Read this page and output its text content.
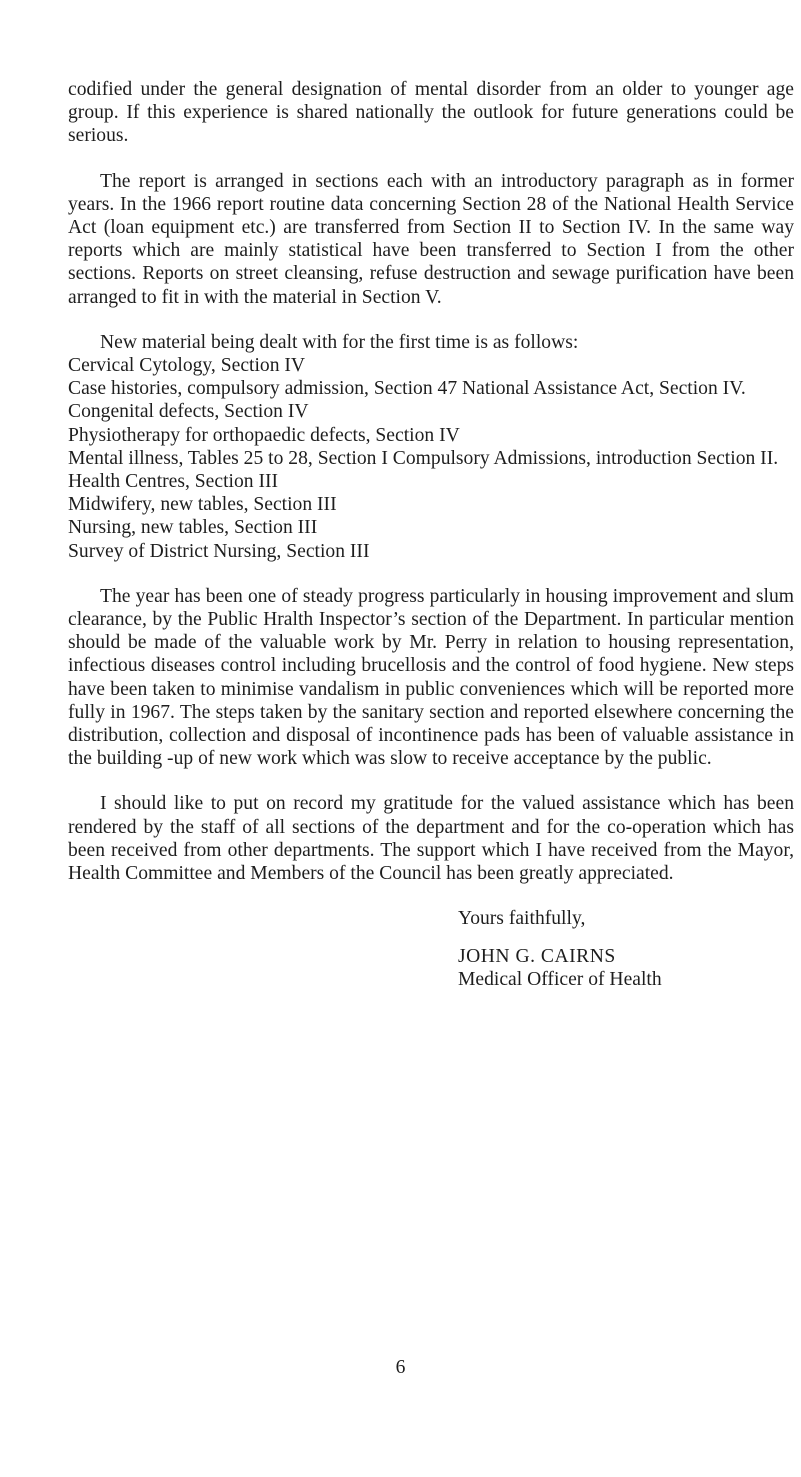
codified under the general designation of mental disorder from an older to younger age group. If this experience is shared nationally the outlook for future generations could be serious.

The report is arranged in sections each with an introductory paragraph as in former years. In the 1966 report routine data concerning Section 28 of the National Health Service Act (loan equipment etc.) are transferred from Section II to Section IV. In the same way reports which are mainly statistical have been transferred to Section I from the other sections. Reports on street cleansing, refuse destruction and sewage purification have been arranged to fit in with the material in Section V.

New material being dealt with for the first time is as follows:

Cervical Cytology, Section IV
Case histories, compulsory admission, Section 47 National Assistance Act, Section IV.
Congenital defects, Section IV
Physiotherapy for orthopaedic defects, Section IV
Mental illness, Tables 25 to 28, Section I Compulsory Admissions, introduction Section II.
Health Centres, Section III
Midwifery, new tables, Section III
Nursing, new tables, Section III
Survey of District Nursing, Section III

The year has been one of steady progress particularly in housing improvement and slum clearance, by the Public Hralth Inspector’s section of the Department. In particular mention should be made of the valuable work by Mr. Perry in relation to housing representation, infectious diseases control including brucellosis and the control of food hygiene. New steps have been taken to minimise vandalism in public conveniences which will be reported more fully in 1967. The steps taken by the sanitary section and reported elsewhere concerning the distribution, collection and disposal of incontinence pads has been of valuable assistance in the building -up of new work which was slow to receive acceptance by the public.

I should like to put on record my gratitude for the valued assistance which has been rendered by the staff of all sections of the department and for the co-operation which has been received from other departments. The support which I have received from the Mayor, Health Committee and Members of the Council has been greatly appreciated.

Yours faithfully,

JOHN G. CAIRNS

Medical Officer of Health

6
